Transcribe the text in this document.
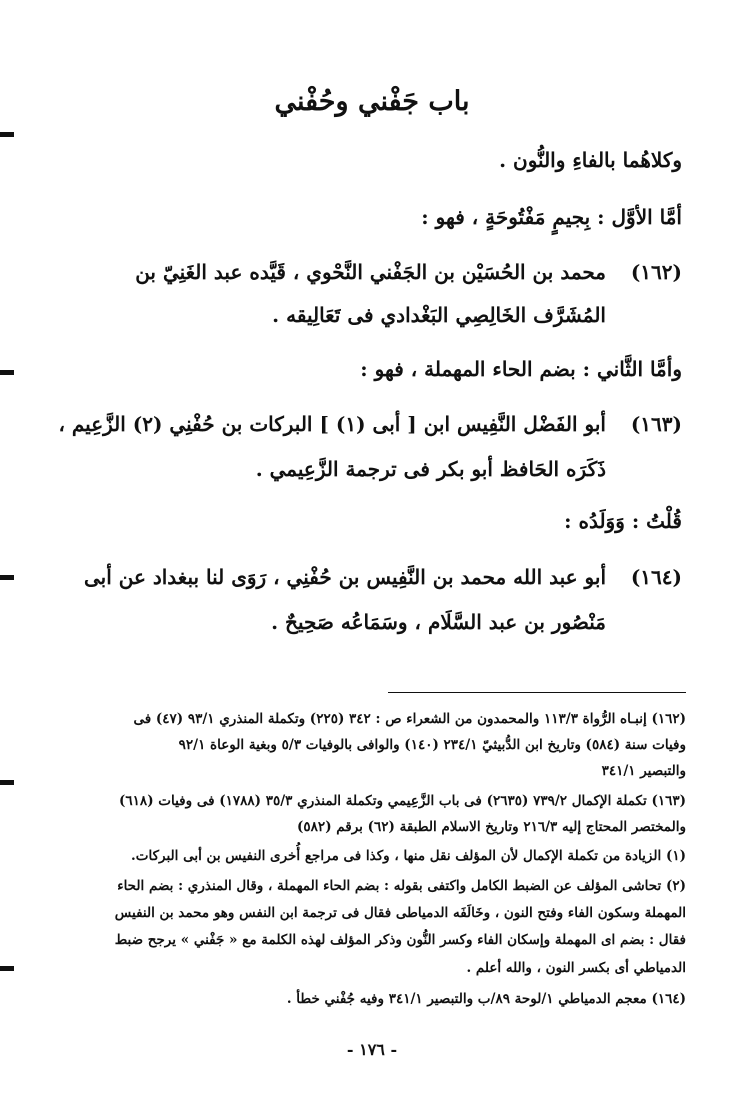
باب جَفْني وحُفْني
وكلاهُما بالفاءِ والنُّون .
أمَّا الأوَّل : بِجيمٍ مَفْتُوحَةٍ ، فهو :
(١٦٢)
محمد بن الحُسَيْن بن الجَفْني النَّحْوي ، قَيَّده عبد الغَنِيّ بن
المُشَرَّف الخَالِصِي البَغْدادي فى تَعَالِيقه .
وأمَّا الثَّاني : بضم الحاء المهملة ، فهو :
(١٦٣)
أبو الفَضْل النَّفِيس ابن [ أبى (١) ] البركات بن حُفْنِي (٢) الزَّعِيم ،
ذَكَرَه الحَافظ أبو بكر فى ترجمة الزَّعِيمي .
قُلْتُ : وَوَلَدُه :
(١٦٤)
أبو عبد الله محمد بن النَّفِيس بن حُفْنِي ، رَوَى لنا ببغداد عن أبى
مَنْصُور بن عبد السَّلَام ، وسَمَاعُه صَحِيحٌ .
(١٦٢) إنبـاه الرُّواة ١١٣/٣ والمحمدون من الشعراء ص : ٣٤٢ (٢٢٥) وتكملة المنذري ٩٣/١ (٤٧) فى
وفيات سنة (٥٨٤) وتاريخ ابن الدُّبيثيّ ٢٣٤/١ (١٤٠) والوافى بالوفيات ٥/٣ وبغية الوعاة ٩٢/١
والتبصير ٣٤١/١
(١٦٣) تكملة الإكمال ٧٣٩/٢ (٢٦٣٥) فى باب الزَّعِيمي وتكملة المنذري ٣٥/٣ (١٧٨٨) فى وفيات (٦١٨)
والمختصر المحتاج إليه ٢١٦/٣ وتاريخ الاسلام الطبقة (٦٢) برقم (٥٨٢)
(١) الزيادة من تكملة الإكمال لأن المؤلف نقل منها ، وكذا فى مراجع أُخرى النفيس بن أبى البركات.
(٢) تحاشى المؤلف عن الضبط الكامل واكتفى بقوله : بضم الحاء المهملة ، وقال المنذري : بضم الحاء
المهملة وسكون الفاء وفتح النون ، وخَالَفَه الدمياطى فقال فى ترجمة ابن النفس وهو محمد بن النفيس
فقال : بضم اى المهملة وإسكان الفاء وكسر النُّون وذكر المؤلف لهذه الكلمة مع « جَفْني » يرجح ضبط
الدمياطي أى بكسر النون ، والله أعلم .
(١٦٤) معجم الدمياطي ١/لوحة ٨٩/ب والتبصير ٣٤١/١ وفيه جُفْني خطأ .
- ١٧٦ -
